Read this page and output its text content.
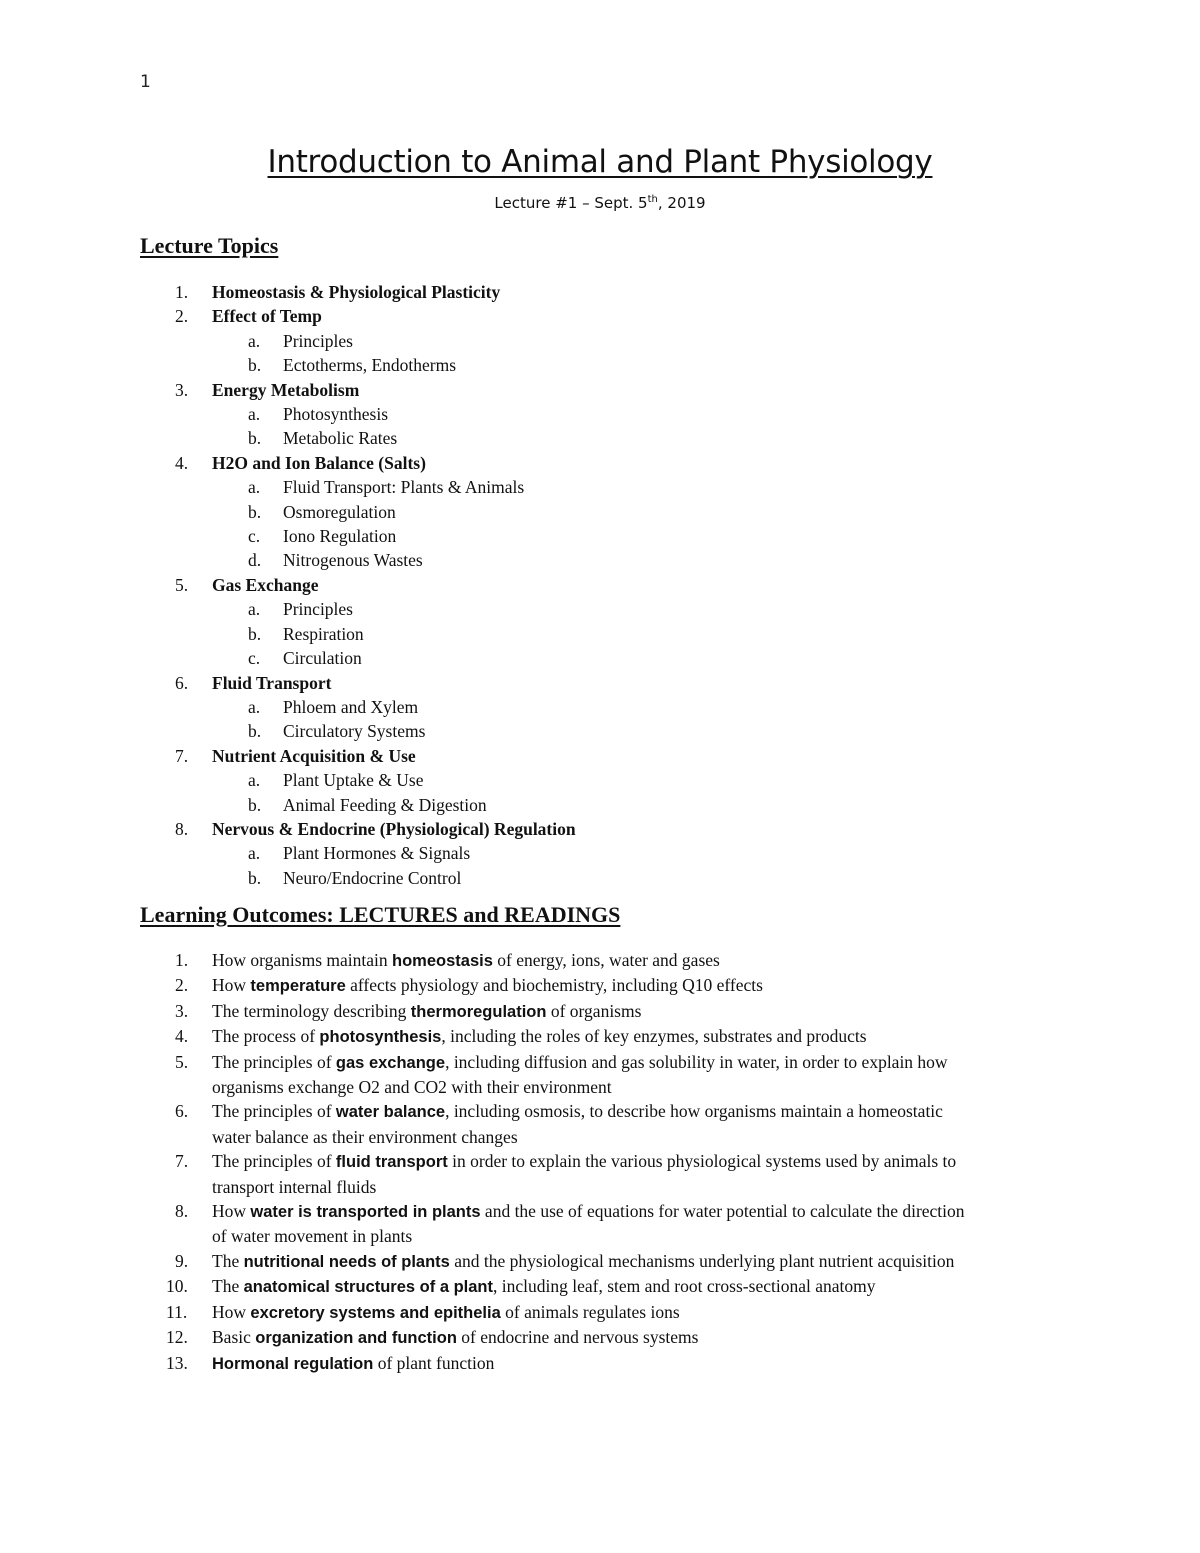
1
Introduction to Animal and Plant Physiology
Lecture #1 – Sept. 5th, 2019
Lecture Topics
1.	Homeostasis & Physiological Plasticity
2.	Effect of Temp
a. Principles
b. Ectotherms, Endotherms
3.	Energy Metabolism
a. Photosynthesis
b. Metabolic Rates
4.	H2O and Ion Balance (Salts)
a. Fluid Transport: Plants & Animals
b. Osmoregulation
c. Iono Regulation
d. Nitrogenous Wastes
5.	Gas Exchange
a. Principles
b. Respiration
c. Circulation
6.	Fluid Transport
a. Phloem and Xylem
b. Circulatory Systems
7.	Nutrient Acquisition & Use
a. Plant Uptake & Use
b. Animal Feeding & Digestion
8.	Nervous & Endocrine (Physiological) Regulation
a. Plant Hormones & Signals
b. Neuro/Endocrine Control
Learning Outcomes: LECTURES and READINGS
1. How organisms maintain homeostasis of energy, ions, water and gases
2. How temperature affects physiology and biochemistry, including Q10 effects
3. The terminology describing thermoregulation of organisms
4. The process of photosynthesis, including the roles of key enzymes, substrates and products
5. The principles of gas exchange, including diffusion and gas solubility in water, in order to explain how
organisms exchange O2 and CO2 with their environment
6. The principles of water balance, including osmosis, to describe how organisms maintain a homeostatic
water balance as their environment changes
7. The principles of fluid transport in order to explain the various physiological systems used by animals to
transport internal fluids
8. How water is transported in plants and the use of equations for water potential to calculate the direction
of water movement in plants
9. The nutritional needs of plants and the physiological mechanisms underlying plant nutrient acquisition
10. The anatomical structures of a plant, including leaf, stem and root cross-sectional anatomy
11. How excretory systems and epithelia of animals regulates ions
12. Basic organization and function of endocrine and nervous systems
13. Hormonal regulation of plant function
